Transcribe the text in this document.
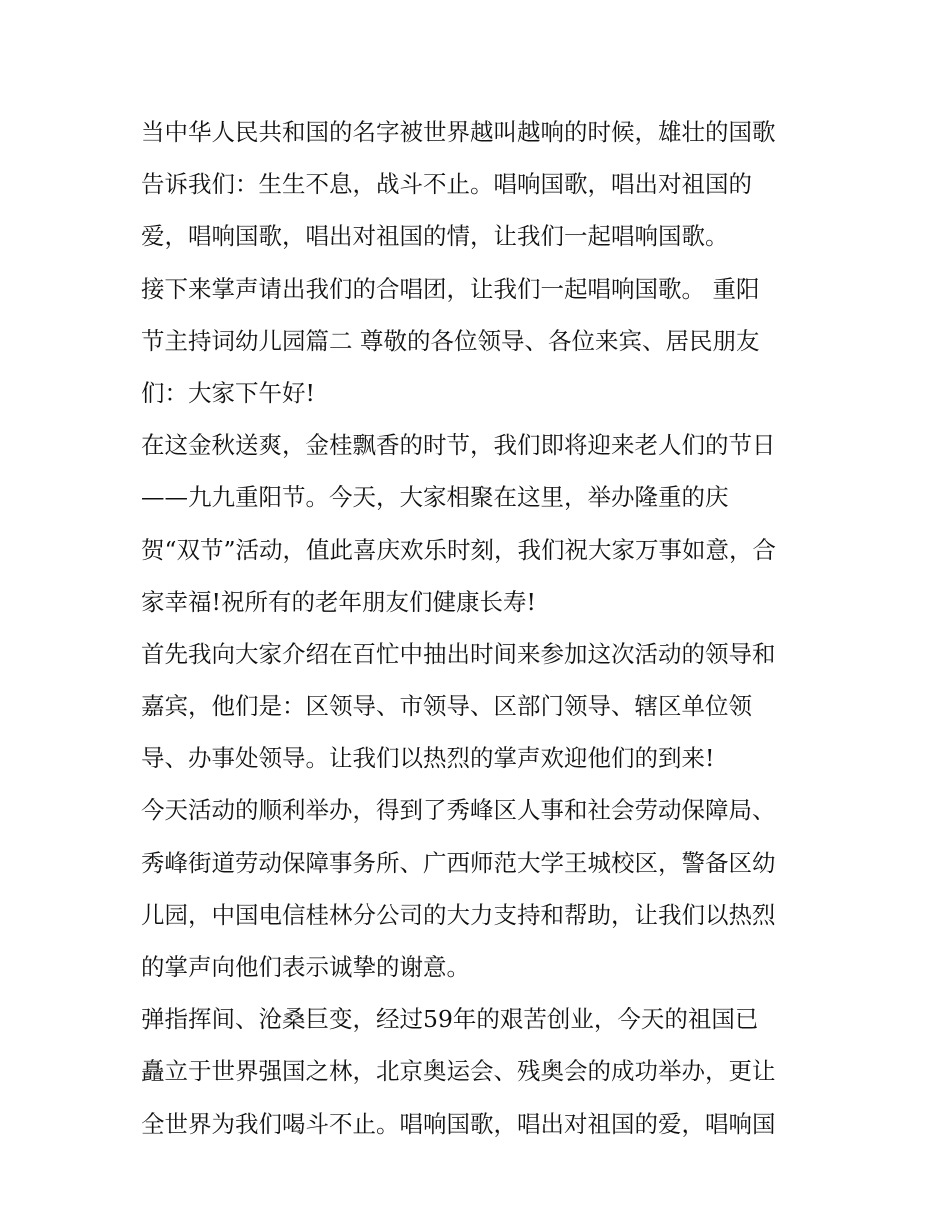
当中华人民共和国的名字被世界越叫越响的时候，雄壮的国歌
告诉我们：生生不息，战斗不止。唱响国歌，唱出对祖国的
爱，唱响国歌，唱出对祖国的情，让我们一起唱响国歌。
接下来掌声请出我们的合唱团，让我们一起唱响国歌。 重阳
节主持词幼儿园篇二 尊敬的各位领导、各位来宾、居民朋友
们：大家下午好!
在这金秋送爽，金桂飘香的时节，我们即将迎来老人们的节日
——九九重阳节。今天，大家相聚在这里，举办隆重的庆
贺“双节”活动，值此喜庆欢乐时刻，我们祝大家万事如意，合
家幸福!祝所有的老年朋友们健康长寿!
首先我向大家介绍在百忙中抽出时间来参加这次活动的领导和
嘉宾，他们是：区领导、市领导、区部门领导、辖区单位领
导、办事处领导。让我们以热烈的掌声欢迎他们的到来!
今天活动的顺利举办，得到了秀峰区人事和社会劳动保障局、
秀峰街道劳动保障事务所、广西师范大学王城校区，警备区幼
儿园，中国电信桂林分公司的大力支持和帮助，让我们以热烈
的掌声向他们表示诚挚的谢意。
弹指挥间、沧桑巨变，经过59年的艰苦创业，今天的祖国已
矗立于世界强国之林，北京奥运会、残奥会的成功举办，更让
全世界为我们喝斗不止。唱响国歌，唱出对祖国的爱，唱响国
